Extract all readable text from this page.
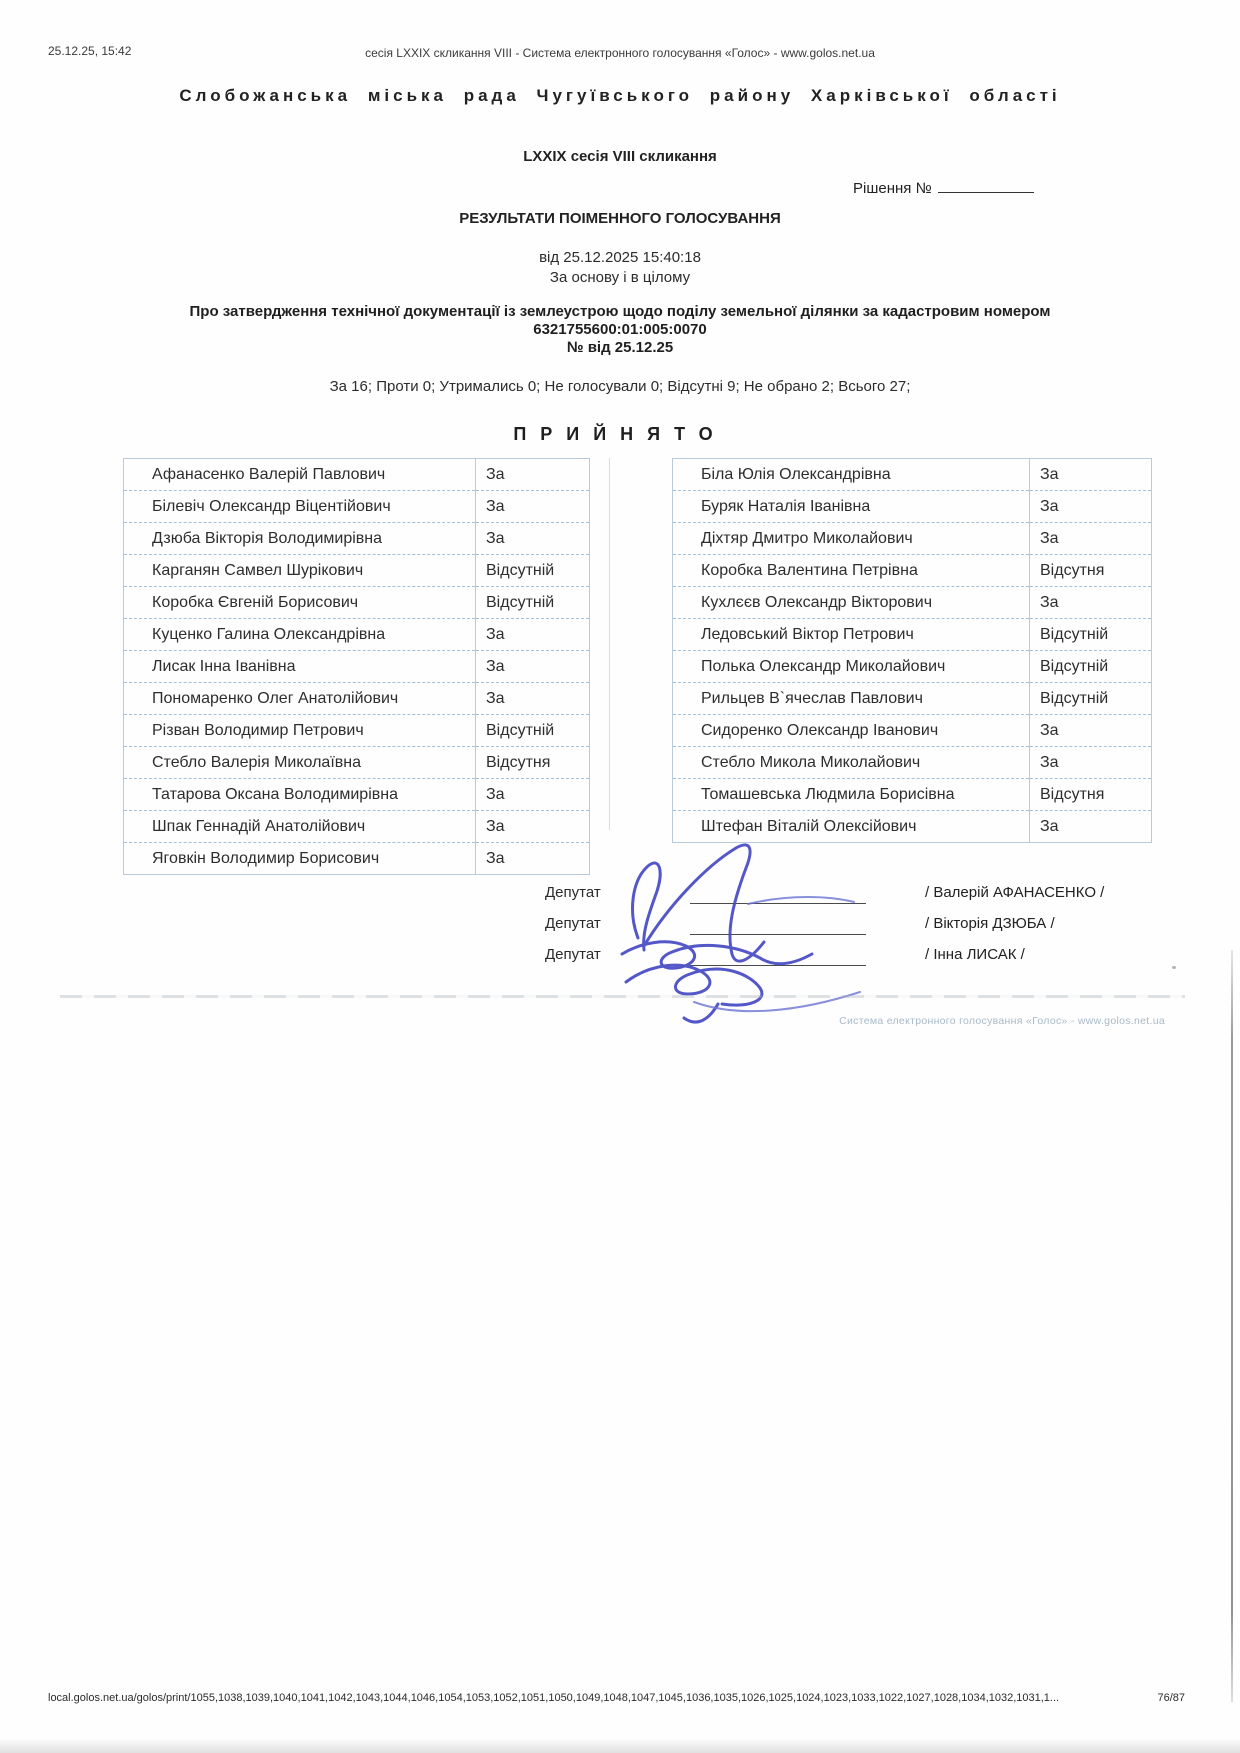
25.12.25, 15:42	сесія LXXIX скликання VIII - Система електронного голосування «Голос» - www.golos.net.ua
Слобожанська міська рада Чугуївського району Харківської області
LXXIX сесія VIII скликання
Рішення №
РЕЗУЛЬТАТИ ПОІМЕННОГО ГОЛОСУВАННЯ
від 25.12.2025 15:40:18
За основу і в цілому
Про затвердження технічної документації із землеустрою щодо поділу земельної ділянки за кадастровим номером
6321755600:01:005:0070
№ від 25.12.25
За 16; Проти 0; Утримались 0; Не голосували 0; Відсутні 9; Не обрано 2; Всього 27;
ПРИЙНЯТО
Афанасенко Валерій Павлович	За
Білевіч Олександр Віцентійович	За
Дзюба Вікторія Володимирівна	За
Карганян Самвел Шурікович	Відсутній
Коробка Євгеній Борисович	Відсутній
Куценко Галина Олександрівна	За
Лисак Інна Іванівна	За
Пономаренко Олег Анатолійович	За
Різван Володимир Петрович	Відсутній
Стебло Валерія Миколаївна	Відсутня
Татарова Оксана Володимирівна	За
Шпак Геннадій Анатолійович	За
Яговкін Володимир Борисович	За
Біла Юлія Олександрівна	За
Буряк Наталія Іванівна	За
Діхтяр Дмитро Миколайович	За
Коробка Валентина Петрівна	Відсутня
Кухлєєв Олександр Вікторович	За
Ледовський Віктор Петрович	Відсутній
Полька Олександр Миколайович	Відсутній
Рильцев В`ячеслав Павлович	Відсутній
Сидоренко Олександр Іванович	За
Стебло Микола Миколайович	За
Томашевська Людмила Борисівна	Відсутня
Штефан Віталій Олексійович	За
Депутат	/ Валерій АФАНАСЕНКО /
Депутат	/ Вікторія ДЗЮБА /
Депутат	/ Інна ЛИСАК /
Система електронного голосування «Голос» - www.golos.net.ua
local.golos.net.ua/golos/print/1055,1038,1039,1040,1041,1042,1043,1044,1046,1054,1053,1052,1051,1050,1049,1048,1047,1045,1036,1035,1026,1025,1024,1023,1033,1022,1027,1028,1034,1032,1031,1...	76/87
